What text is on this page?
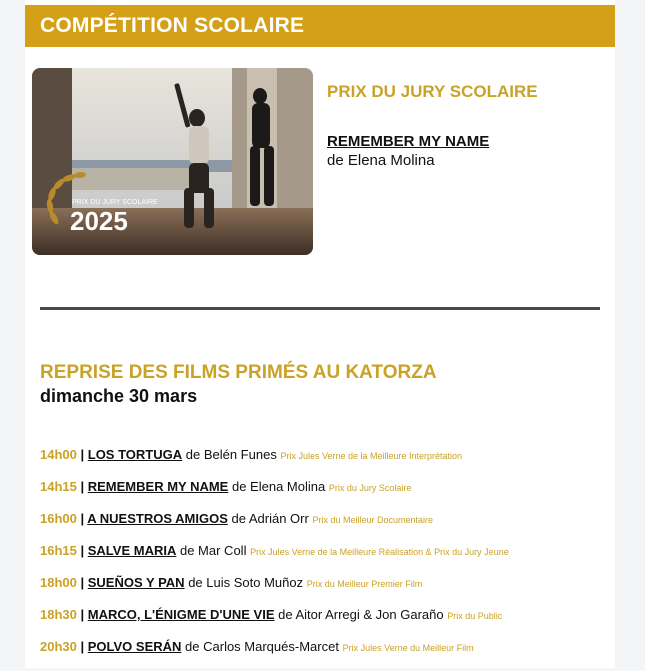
COMPÉTITION SCOLAIRE
PRIX DU JURY SCOLAIRE
2025
PRIX DU JURY SCOLAIRE
REMEMBER MY NAME
de Elena Molina
REPRISE DES FILMS PRIMÉS AU KATORZA
dimanche 30 mars
14h00 | LOS TORTUGA de Belén Funes Prix Jules Verne de la Meilleure Interprétation
14h15 | REMEMBER MY NAME de Elena Molina Prix du Jury Scolaire
16h00 | A NUESTROS AMIGOS de Adrián Orr Prix du Meilleur Documentaire
16h15 | SALVE MARIA de Mar Coll Prix Jules Verne de la Meilleure Réalisation & Prix du Jury Jeune
18h00 | SUEÑOS Y PAN de Luis Soto Muñoz Prix du Meilleur Premier Film
18h30 | MARCO, L'ÉNIGME D'UNE VIE de Aitor Arregi & Jon Garaño Prix du Public
20h30 | POLVO SERÁN de Carlos Marqués-Marcet Prix Jules Verne du Meilleur Film
